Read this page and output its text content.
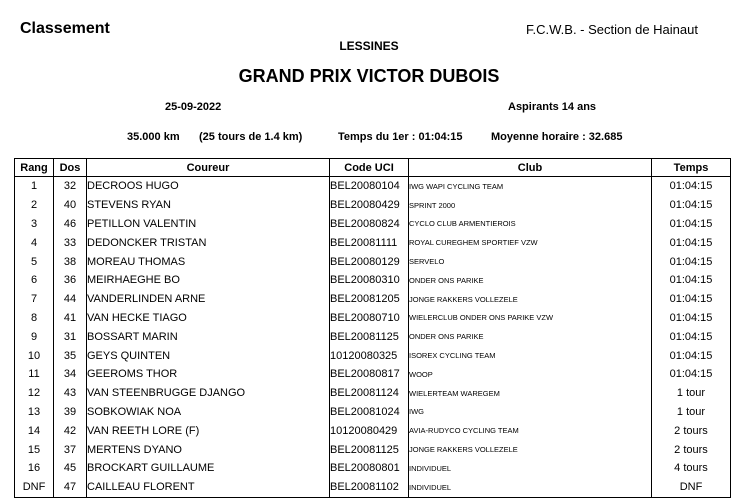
Classement	F.C.W.B. - Section de Hainaut
LESSINES
GRAND PRIX VICTOR DUBOIS
25-09-2022	Aspirants 14 ans
35.000 km (25 tours de 1.4 km)	Temps du 1er : 01:04:15	Moyenne horaire : 32.685
Rang	Dos	Coureur	Code UCI	Club	Temps
1	32	DECROOS HUGO	BEL20080104	IWG WAPI CYCLING TEAM	01:04:15
2	40	STEVENS RYAN	BEL20080429	SPRINT 2000	01:04:15
3	46	PETILLON VALENTIN	BEL20080824	CYCLO CLUB ARMENTIEROIS	01:04:15
4	33	DEDONCKER TRISTAN	BEL20081111	ROYAL CUREGHEM SPORTIEF VZW	01:04:15
5	38	MOREAU THOMAS	BEL20080129	SERVELO	01:04:15
6	36	MEIRHAEGHE BO	BEL20080310	ONDER ONS PARIKE	01:04:15
7	44	VANDERLINDEN ARNE	BEL20081205	JONGE RAKKERS VOLLEZELE	01:04:15
8	41	VAN HECKE TIAGO	BEL20080710	WIELERCLUB ONDER ONS PARIKE VZW	01:04:15
9	31	BOSSART MARIN	BEL20081125	ONDER ONS PARIKE	01:04:15
10	35	GEYS QUINTEN	10120080325	ISOREX CYCLING TEAM	01:04:15
11	34	GEEROMS THOR	BEL20080817	WOOP	01:04:15
12	43	VAN STEENBRUGGE DJANGO	BEL20081124	WIELERTEAM WAREGEM	1 tour
13	39	SOBKOWIAK NOA	BEL20081024	IWG	1 tour
14	42	VAN REETH LORE (F)	10120080429	AVIA-RUDYCO CYCLING TEAM	2 tours
15	37	MERTENS DYANO	BEL20081125	JONGE RAKKERS VOLLEZELE	2 tours
16	45	BROCKART GUILLAUME	BEL20080801	INDIVIDUEL	4 tours
DNF	47	CAILLEAU FLORENT	BEL20081102	INDIVIDUEL	DNF
